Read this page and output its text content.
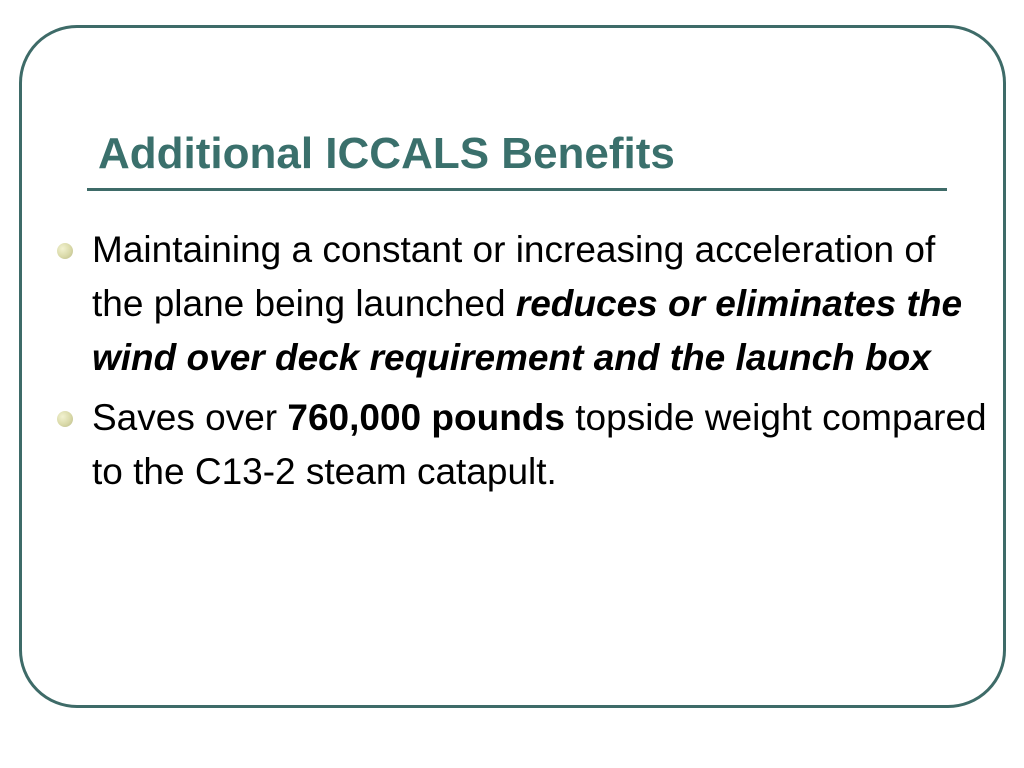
Additional ICCALS Benefits
Maintaining a constant or increasing acceleration of the plane being launched reduces or eliminates the wind over deck requirement and the launch box
Saves over 760,000 pounds topside weight compared to the C13-2 steam catapult.
